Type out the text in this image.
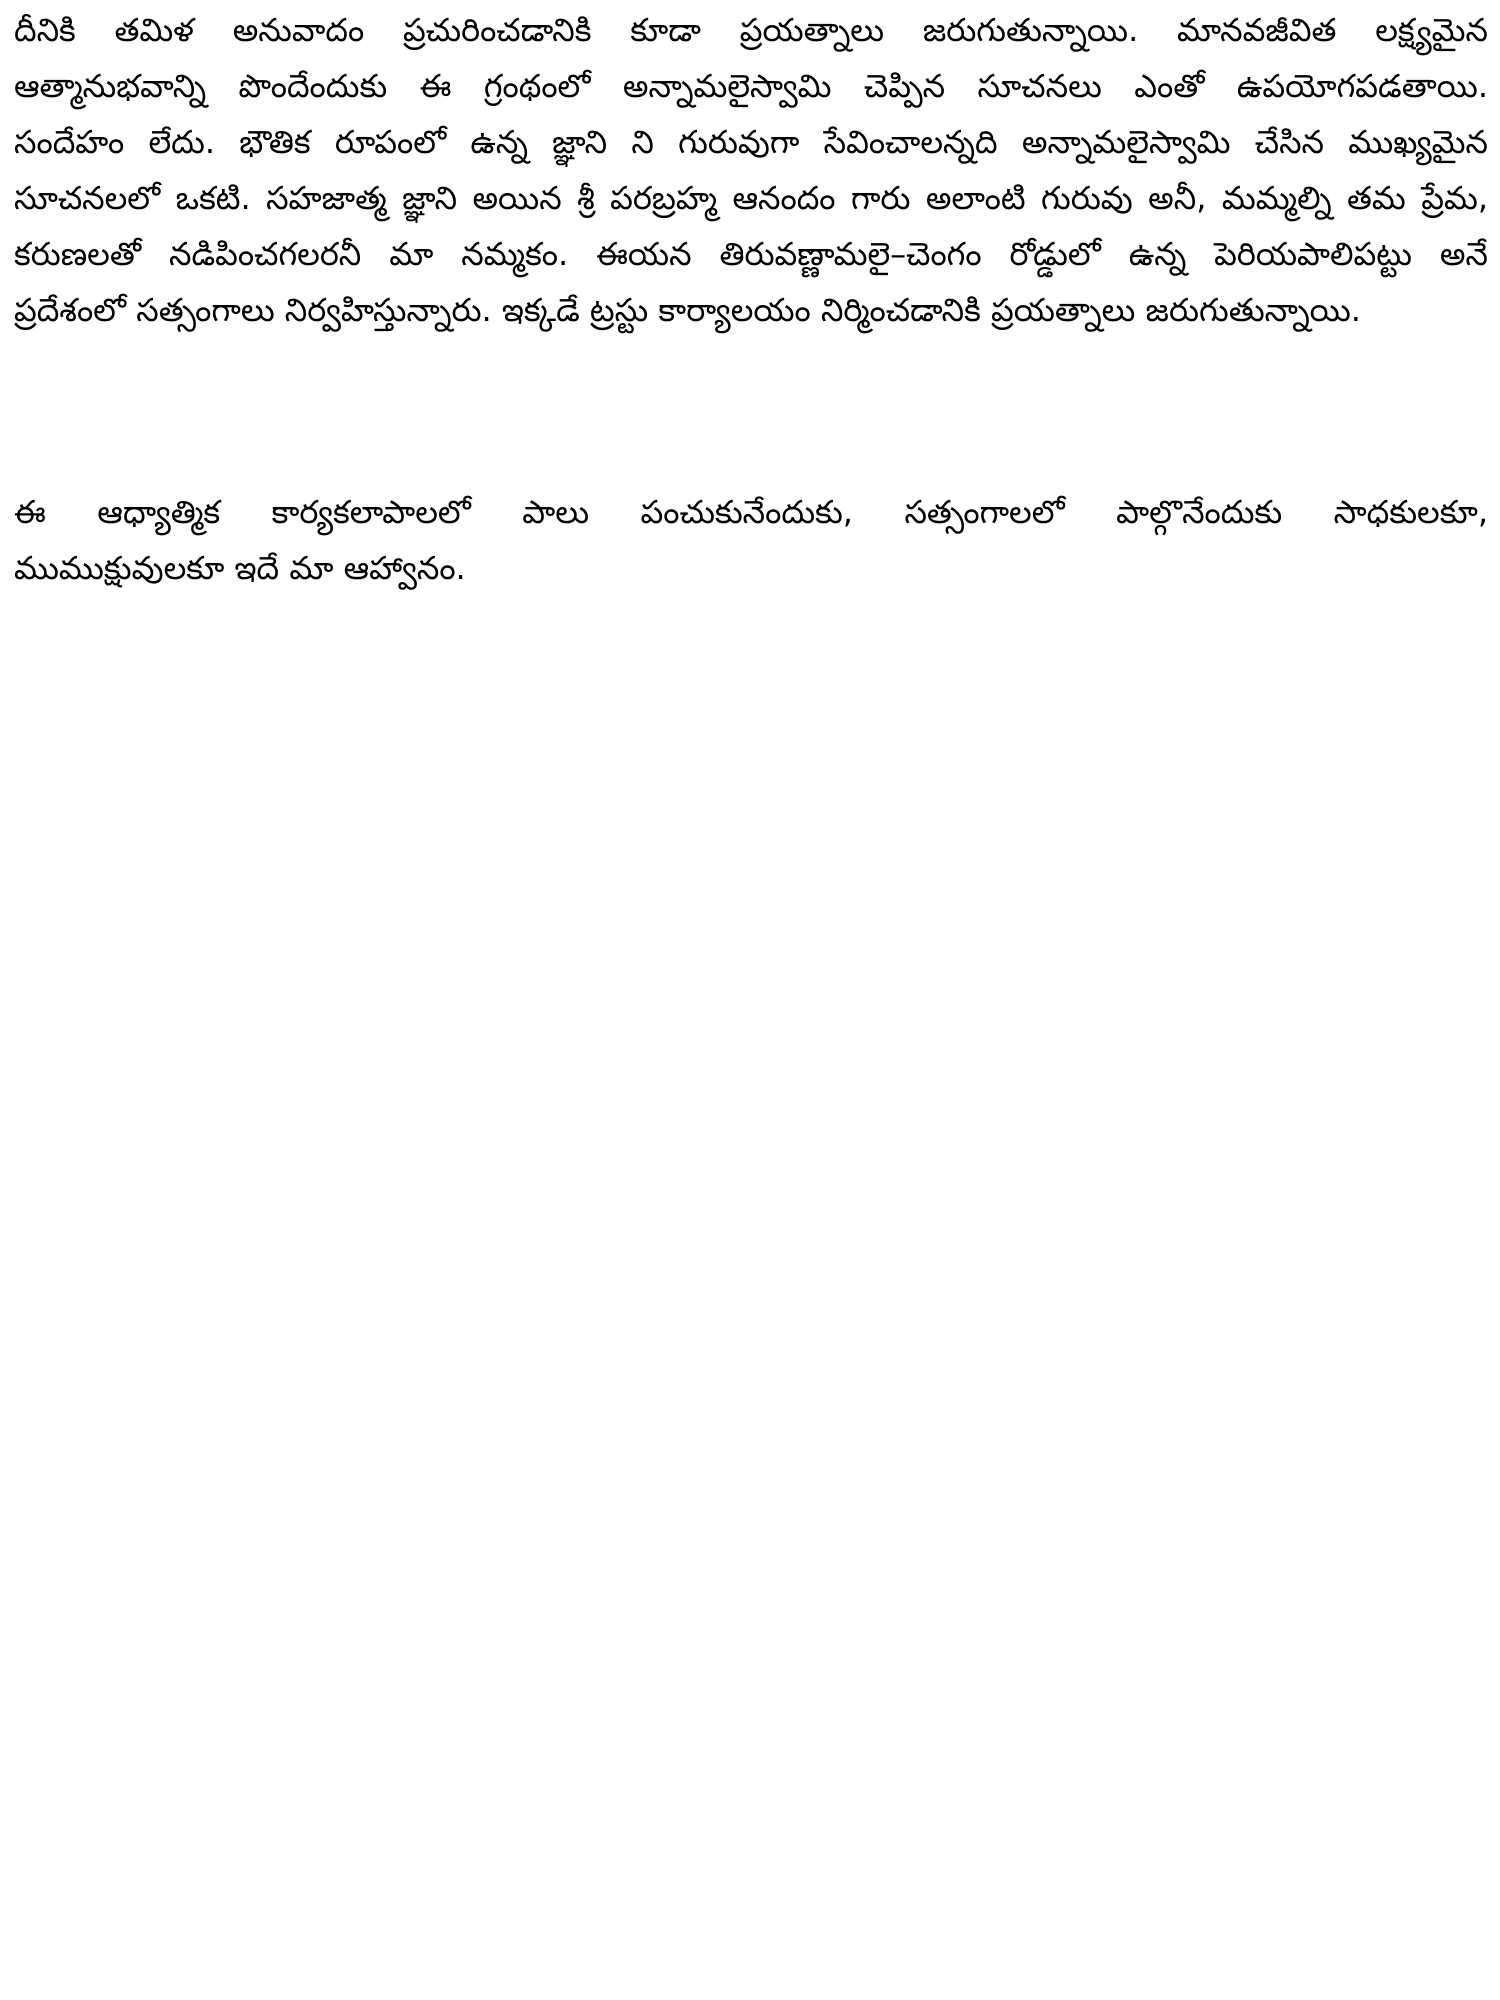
దీనికి తమిళ అనువాదం ప్రచురించడానికి కూడా ప్రయత్నాలు జరుగుతున్నాయి. మానవజీవిత లక్ష్యమైన
ఆత్మానుభవాన్ని పొందేందుకు ఈ గ్రంథంలో అన్నామలైస్వామి చెప్పిన సూచనలు ఎంతో ఉపయోగపడతాయి.
సందేహం లేదు. భౌతిక రూపంలో ఉన్న జ్ఞాని ని గురువుగా సేవించాలన్నది అన్నామలైస్వామి చేసిన ముఖ్యమైన
సూచనలలో ఒకటి. సహజాత్మ జ్ఞాని అయిన శ్రీ పరబ్రహ్మ ఆనందం గారు అలాంటి గురువు అనీ, మమ్మల్ని తమ ప్రేమ,
కరుణలతో నడిపించగలరనీ మా నమ్మకం. ఈయన తిరువణ్ణామలై–చెంగం రోడ్డులో ఉన్న పెరియపాలిపట్టు అనే
ప్రదేశంలో సత్సంగాలు నిర్వహిస్తున్నారు. ఇక్కడే ట్రస్టు కార్యాలయం నిర్మించడానికి ప్రయత్నాలు జరుగుతున్నాయి.
ఈ ఆధ్యాత్మిక కార్యకలాపాలలో పాలు పంచుకునేందుకు, సత్సంగాలలో పాల్గొనేందుకు సాధకులకూ,
ముముక్షువులకూ ఇదే మా ఆహ్వానం.
